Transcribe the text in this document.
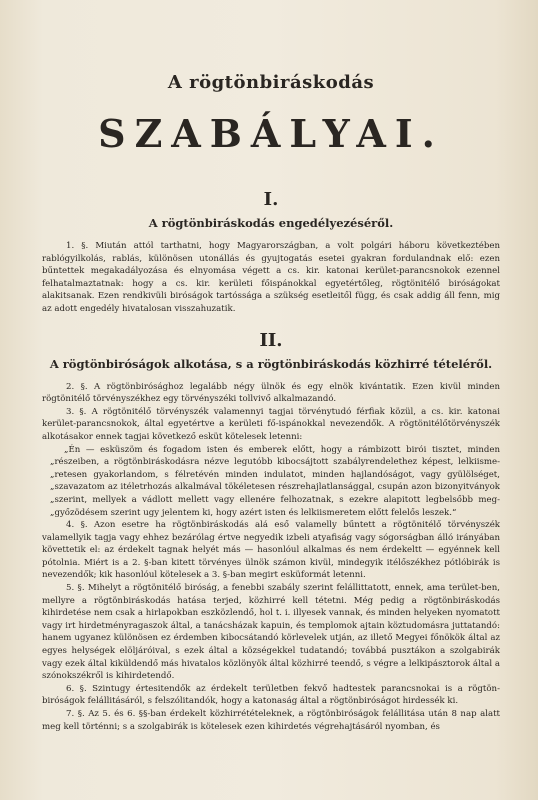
A rögtönbiráskodás
SZABÁLYAI.
I.
A rögtönbiráskodás engedélyezéséről.

1. §. Miután attól tarthatni, hogy Magyarországban, a volt polgári háboru következtében rablógyilkolás, rablás, különösen utonállás és gyujtogatás esetei gyakran fordulandnak elő: ezen bűntettek megakadályozása és elnyomása végett a cs. kir. katonai kerület-parancsnokok ezennel felhatalmaztatnak: hogy a cs. kir. kerületi főispánokkal egyetértőleg, rögtönitélő biróságokat alakitsanak. Ezen rendkivüli biróságok tartóssága a szükség esetleitől függ, és csak addig áll fenn, mig az adott engedély hivatalosan visszahuzatik.

II.
A rögtönbiróságok alkotása, s a rögtönbiráskodás közhirré tételéről.

2. §. A rögtönbirósághoz legalább négy ülnök és egy elnök kivántatik. Ezen kivül minden rögtönitélő törvényszékhez egy törvényszéki tollvivő alkalmazandó.

3. §. A rögtönitélő törvényszék valamennyi tagjai törvénytudó férfiak közül, a cs. kir. katonai kerület-parancsnokok, által egyetértve a kerületi fő-ispánokkal nevezendők. A rögtönitélőtörvényszék alkotásakor ennek tagjai következő esküt kötelesek letenni:

„Én — esküszöm és fogadom isten és emberek előtt, hogy a rámbizott birói tisztet, minden „részeiben, a rögtönbiráskodásra nézve legutóbb kibocsájtott szabályrendelethez képest, lelkiisme- „retesen gyakorlandom, s félretévén minden indulatot, minden hajlandóságot, vagy gyülölséget, „szavazatom az itéletrhozás alkalmával tökéletesen részrehajlatlansággal, csupán azon bizonyitványok „szerint, mellyek a vádlott mellett vagy ellenére felhozatnak, s ezekre alapitott legbelsőbb meg- „győzödésem szerint ugy jelentem ki, hogy azért isten és lelkiismeretem előtt felelős leszek.“

4. §. Azon esetre ha rögtönbiráskodás alá eső valamelly bűntett a rögtönitélő törvényszék valamellyik tagja vagy ehhez bezárólag értve negyedik izbeli atyafiság vagy sógorságban álló irányában követtetik el: az érdekelt tagnak helyét más — hasonlóul alkalmas és nem érdekeltt — egyénnek kell pótolnia. Miért is a 2. §-ban kitett törvényes ülnök számon kivül, mindegyik itélőszékhez pótlóbirák is nevezendők; kik hasonlóul kötelesek a 3. §-ban megirt esküformát letenni.

5. §. Mihelyt a rögtönitélő biróság, a fenebbi szabály szerint felállittatott, ennek, ama terület-ben, mellyre a rögtönbiráskodás hatása terjed, közhirré kell tétetni. Még pedig a rögtönbiráskodás kihirdetése nem csak a hirlapokban eszközlendő, hol t. i. illyesek vannak, és minden helyeken nyomatott vagy irt hirdetményragaszok által, a tanácsházak kapuin, és templomok ajtain köztudomásra juttatandó: hanem ugyanez különösen ez érdemben kibocsátandó körlevelek utján, az illető Megyei főnökök által az egyes helységek elöljáróival, s ezek által a községekkel tudatandó; továbbá pusztákon a szolgabirák vagy ezek által kiküldendő más hivatalos közlönyök által közhirré teendő, s végre a lelkipásztorok által a szónokszékről is kihirdetendő.

6. §. Szintugy értesitendők az érdekelt területben fekvő hadtestek parancsnokai is a rögtön-biróságok felállitásáról, s felszólitandók, hogy a katonaság által a rögtönbiróságot hirdessék ki.

7. §. Az 5. és 6. §§-ban érdekelt közhirrétételeknek, a rögtönbiróságok felállitása után 8 nap alatt meg kell történni; s a szolgabirák is kötelesek ezen kihirdetés végrehajtásáról nyomban, és
